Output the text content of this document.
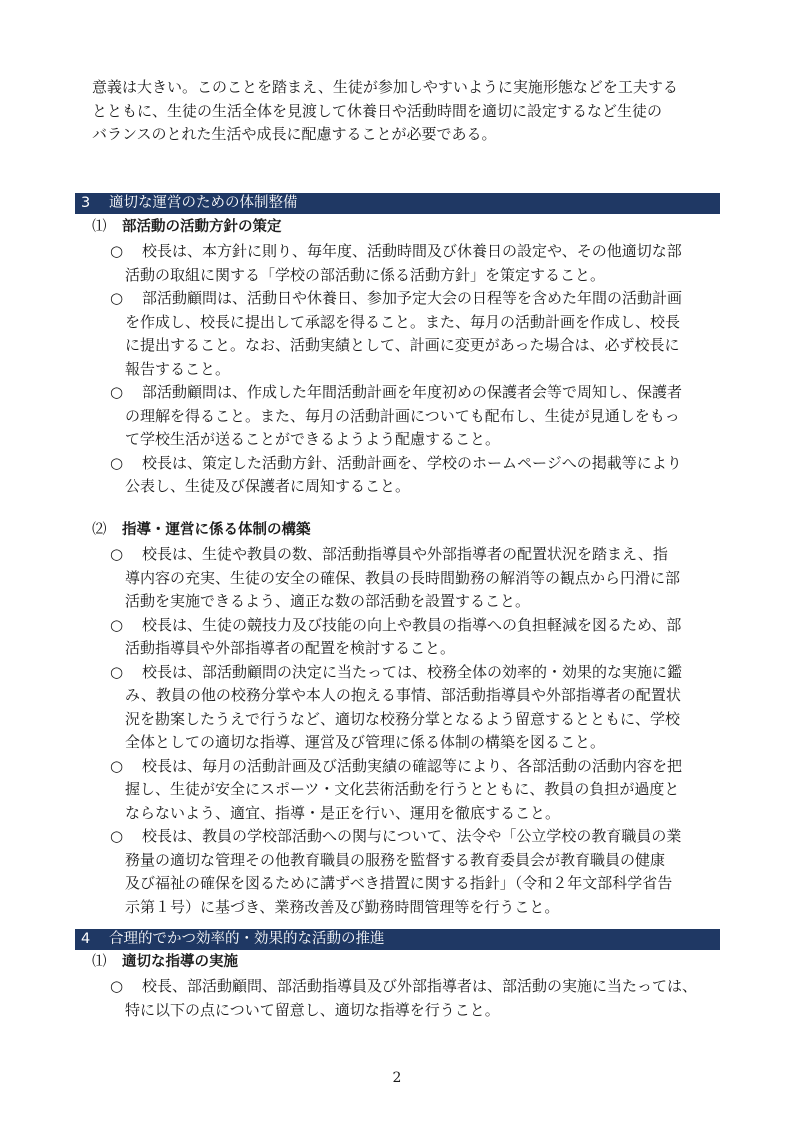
意義は大きい。このことを踏まえ、生徒が参加しやすいように実施形態などを工夫する
とともに、生徒の生活全体を見渡して休養日や活動時間を適切に設定するなど生徒の
バランスのとれた生活や成長に配慮することが必要である。
3 適切な運営のための体制整備
⑴ 部活動の活動方針の策定
○	校長は、本方針に則り、毎年度、活動時間及び休養日の設定や、その他適切な部
活動の取組に関する「学校の部活動に係る活動方針」を策定すること。
○	部活動顧問は、活動日や休養日、参加予定大会の日程等を含めた年間の活動計画
を作成し、校長に提出して承認を得ること。また、毎月の活動計画を作成し、校長
に提出すること。なお、活動実績として、計画に変更があった場合は、必ず校長に
報告すること。
○	部活動顧問は、作成した年間活動計画を年度初めの保護者会等で周知し、保護者
の理解を得ること。また、毎月の活動計画についても配布し、生徒が見通しをもっ
て学校生活が送ることができるようよう配慮すること。
○	校長は、策定した活動方針、活動計画を、学校のホームページへの掲載等により
公表し、生徒及び保護者に周知すること。
⑵ 指導・運営に係る体制の構築
○	校長は、生徒や教員の数、部活動指導員や外部指導者の配置状況を踏まえ、指
導内容の充実、生徒の安全の確保、教員の長時間勤務の解消等の観点から円滑に部
活動を実施できるよう、適正な数の部活動を設置すること。
○	校長は、生徒の競技力及び技能の向上や教員の指導への負担軽減を図るため、部
活動指導員や外部指導者の配置を検討すること。
○	校長は、部活動顧問の決定に当たっては、校務全体の効率的・効果的な実施に鑑
み、教員の他の校務分掌や本人の抱える事情、部活動指導員や外部指導者の配置状
況を勘案したうえで行うなど、適切な校務分掌となるよう留意するとともに、学校
全体としての適切な指導、運営及び管理に係る体制の構築を図ること。
○	校長は、毎月の活動計画及び活動実績の確認等により、各部活動の活動内容を把
握し、生徒が安全にスポーツ・文化芸術活動を行うとともに、教員の負担が過度と
ならないよう、適宜、指導・是正を行い、運用を徹底すること。
○	校長は、教員の学校部活動への関与について、法令や「公立学校の教育職員の業
務量の適切な管理その他教育職員の服務を監督する教育委員会が教育職員の健康
及び福祉の確保を図るために講ずべき措置に関する指針」（令和２年文部科学省告
示第１号）に基づき、業務改善及び勤務時間管理等を行うこと。
4 合理的でかつ効率的・効果的な活動の推進
⑴ 適切な指導の実施
○	校長、部活動顧問、部活動指導員及び外部指導者は、部活動の実施に当たっては、
特に以下の点について留意し、適切な指導を行うこと。
2
